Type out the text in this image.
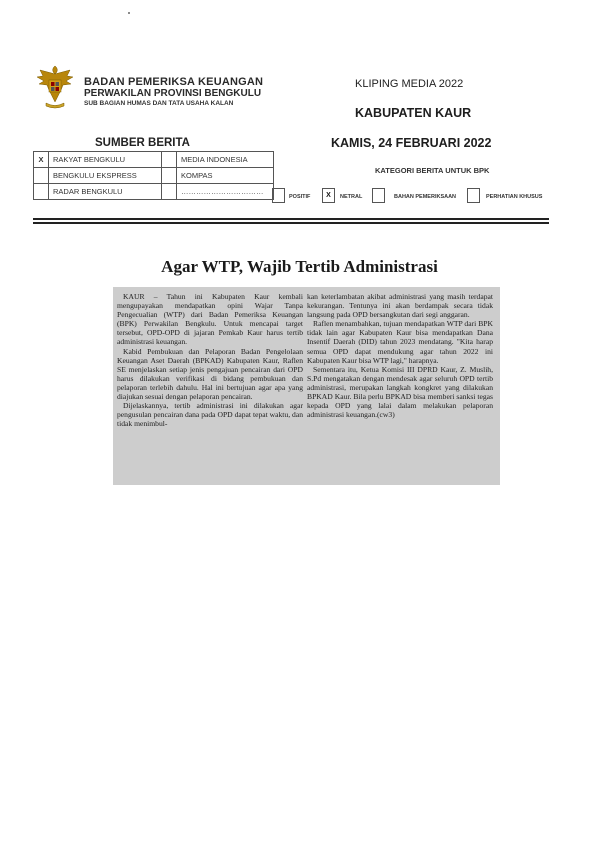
BADAN PEMERIKSA KEUANGAN
PERWAKILAN PROVINSI BENGKULU
SUB BAGIAN HUMAS DAN TATA USAHA KALAN
KLIPING MEDIA 2022
KABUPATEN KAUR
SUMBER BERITA	KAMIS, 24 FEBRUARI 2022
KATEGORI BERITA UNTUK BPK
X	RAKYAT BENGKULU		MEDIA INDONESIA
	BENGKULU EKSPRESS		KOMPAS
	RADAR BENGKULU		……………………………
POSITIF	X	NETRAL	BAHAN PEMERIKSAAN	PERHATIAN KHUSUS
Agar WTP, Wajib Tertib Administrasi

KAUR – Tahun ini Kabupaten Kaur kembali mengupayakan mendapatkan opini Wajar Tanpa Pengecualian (WTP) dari Badan Pemeriksa Keuangan (BPK) Perwakilan Bengkulu. Untuk mencapai target tersebut, OPD-OPD di jajaran Pemkab Kaur harus tertib administrasi keuangan.

Kabid Pembukuan dan Pelaporan Badan Pengelolaan Keuangan Aset Daerah (BPKAD) Kabupaten Kaur, Raflen SE menjelaskan setiap jenis pengajuan pencairan dari OPD harus dilakukan verifikasi di bidang pembukuan dan pelaporan terlebih dahulu. Hal ini bertujuan agar apa yang diajukan sesuai dengan pelaporan pencairan.

Dijelaskannya, tertib administrasi ini dilakukan agar pengusulan pencairan dana pada OPD dapat tepat waktu, dan tidak menimbul-

kan keterlambatan akibat administrasi yang masih terdapat kekurangan. Tentunya ini akan berdampak secara tidak langsung pada OPD bersangkutan dari segi anggaran.

Raflen menambahkan, tujuan mendapatkan WTP dari BPK tidak lain agar Kabupaten Kaur bisa mendapatkan Dana Insentif Daerah (DID) tahun 2023 mendatang. "Kita harap semua OPD dapat mendukung agar tahun 2022 ini Kabupaten Kaur bisa WTP lagi," harapnya.

Sementara itu, Ketua Komisi III DPRD Kaur, Z. Muslih, S.Pd mengatakan dengan mendesak agar seluruh OPD tertib administrasi, merupakan langkah kongkret yang dilakukan BPKAD Kaur. Bila perlu BPKAD bisa memberi sanksi tegas kepada OPD yang lalai dalam melakukan pelaporan administrasi keuangan.(cw3)
